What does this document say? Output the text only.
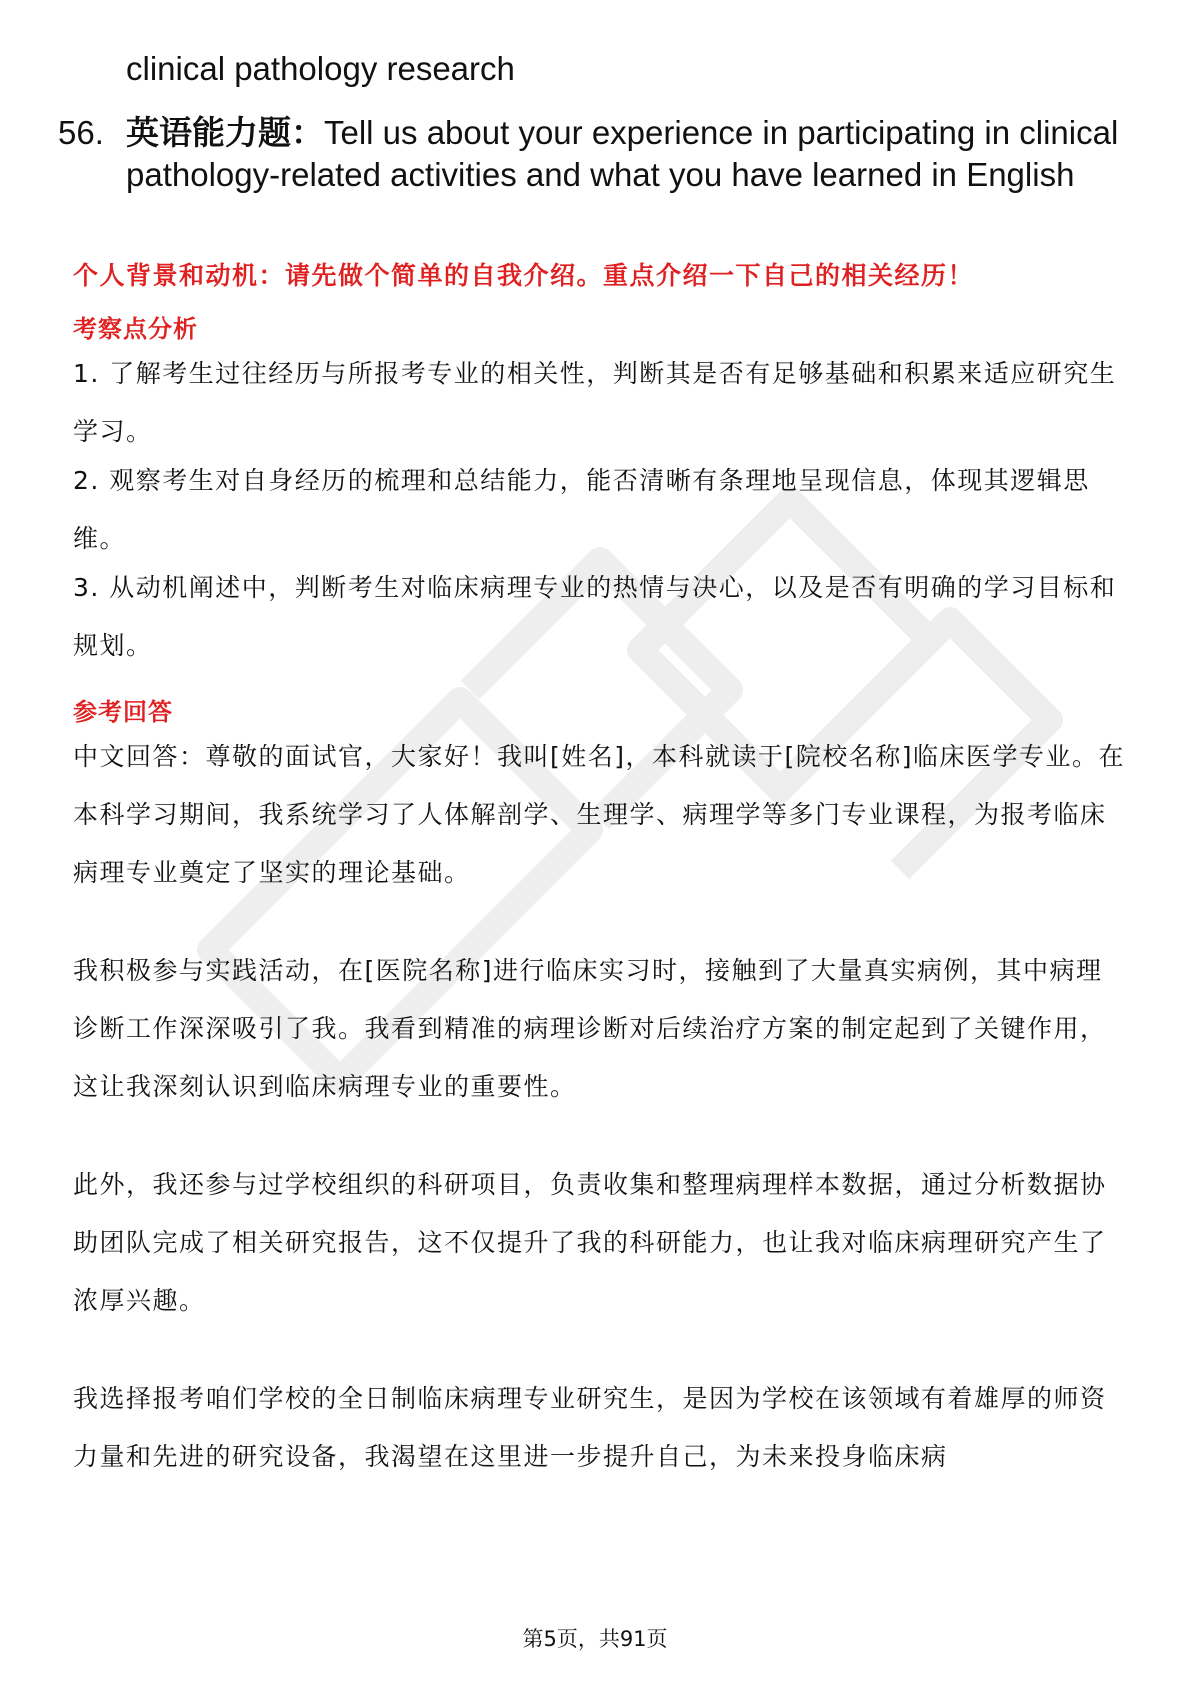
clinical pathology research
56. 英语能力题：Tell us about your experience in participating in clinical pathology-related activities and what you have learned in English
个人背景和动机：请先做个简单的自我介绍。重点介绍一下自己的相关经历！
考察点分析
1. 了解考生过往经历与所报考专业的相关性，判断其是否有足够基础和积累来适应研究生学习。
2. 观察考生对自身经历的梳理和总结能力，能否清晰有条理地呈现信息，体现其逻辑思维。
3. 从动机阐述中，判断考生对临床病理专业的热情与决心，以及是否有明确的学习目标和规划。
参考回答
中文回答：尊敬的面试官，大家好！我叫[姓名]，本科就读于[院校名称]临床医学专业。在本科学习期间，我系统学习了人体解剖学、生理学、病理学等多门专业课程，为报考临床病理专业奠定了坚实的理论基础。
我积极参与实践活动，在[医院名称]进行临床实习时，接触到了大量真实病例，其中病理诊断工作深深吸引了我。我看到精准的病理诊断对后续治疗方案的制定起到了关键作用，这让我深刻认识到临床病理专业的重要性。
此外，我还参与过学校组织的科研项目，负责收集和整理病理样本数据，通过分析数据协助团队完成了相关研究报告，这不仅提升了我的科研能力，也让我对临床病理研究产生了浓厚兴趣。
我选择报考咱们学校的全日制临床病理专业研究生，是因为学校在该领域有着雄厚的师资力量和先进的研究设备，我渴望在这里进一步提升自己，为未来投身临床病
第5页，共91页
